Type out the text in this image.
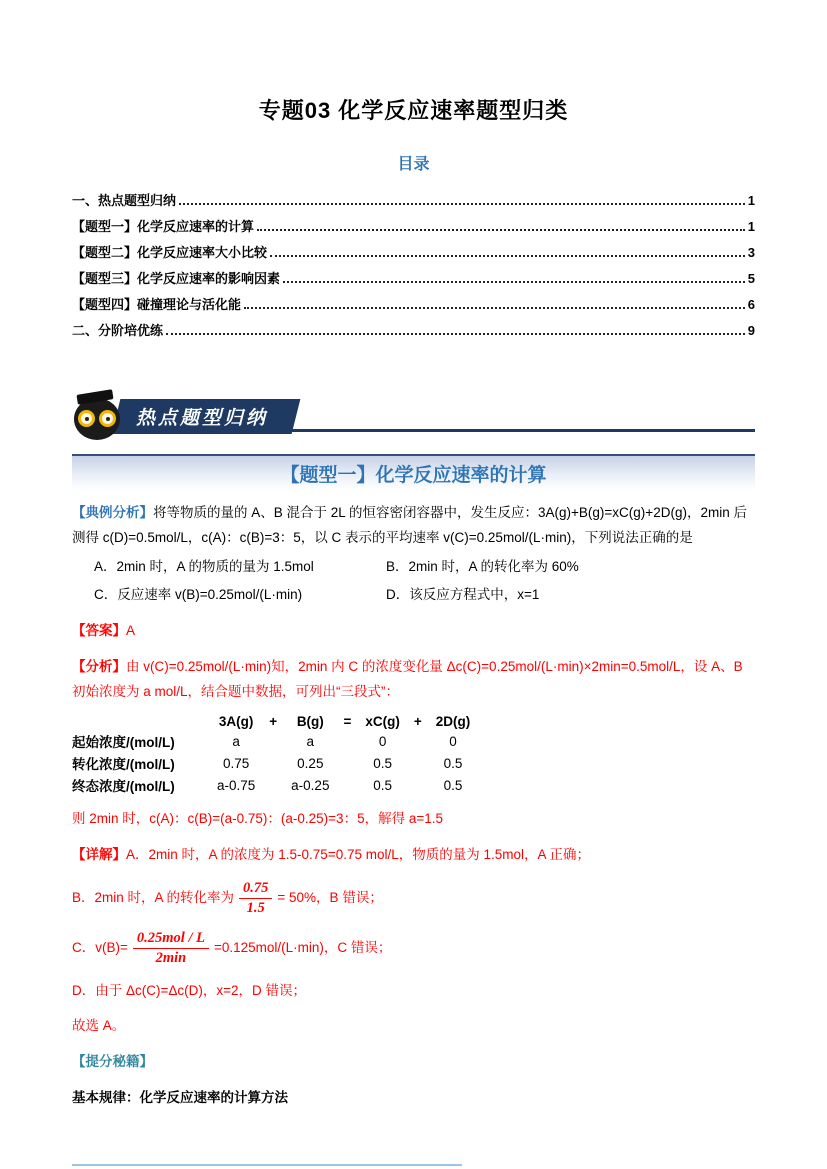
专题03 化学反应速率题型归类
目录
一、热点题型归纳	1
【题型一】化学反应速率的计算	1
【题型二】化学反应速率大小比较	3
【题型三】化学反应速率的影响因素	5
【题型四】碰撞理论与活化能	6
二、分阶培优练	9
热点题型归纳
【题型一】化学反应速率的计算

【典例分析】将等物质的量的 A、B 混合于 2L 的恒容密闭容器中，发生反应：3A(g)+B(g)=xC(g)+2D(g)，2min 后测得 c(D)=0.5mol/L，c(A)：c(B)=3：5，以 C 表示的平均速率 v(C)=0.25mol/(L·min)，下列说法正确的是

A．2min 时，A 的物质的量为 1.5mol	B．2min 时，A 的转化率为 60%
C．反应速率 v(B)=0.25mol/(L·min)	D．该反应方程式中，x=1

【答案】A

【分析】由 v(C)=0.25mol/(L·min)知，2min 内 C 的浓度变化量 Δc(C)=0.25mol/(L·min)×2min=0.5mol/L，设 A、B 初始浓度为 a mol/L，结合题中数据，可列出“三段式”：

	3A(g)	+	B(g)	=	xC(g)	+	2D(g)
起始浓度/(mol/L)	a		a		0		0
转化浓度/(mol/L)	0.75		0.25		0.5		0.5
终态浓度/(mol/L)	a-0.75		a-0.25		0.5		0.5

则 2min 时，c(A)：c(B)=(a-0.75)：(a-0.25)=3：5，解得 a=1.5

【详解】A．2min 时，A 的浓度为 1.5-0.75=0.75 mol/L，物质的量为 1.5mol，A 正确；

B．2min 时，A 的转化率为 $\frac{0.75}{1.5} = 50\%$，B 错误；

C．$v(B)= \frac{\text{0.25mol / L}}{2\min} =0.125mol/(L\cdot\min)$，C 错误；

D．由于 Δc(C)=Δc(D)，x=2，D 错误；

故选 A。

【提分秘籍】

基本规律：化学反应速率的计算方法
